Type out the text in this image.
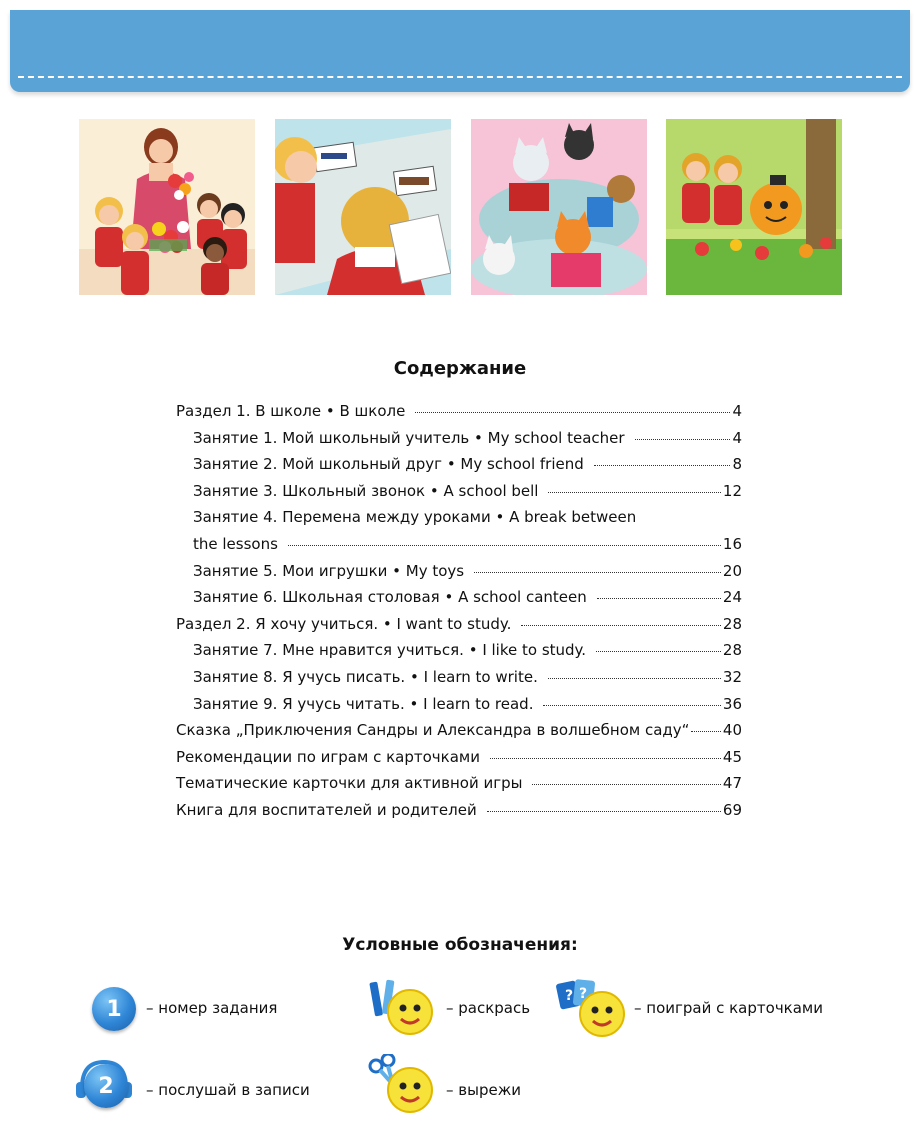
Содержание
Раздел 1. В школе • В школе	4
Занятие 1. Мой школьный учитель • My school teacher	4
Занятие 2. Мой школьный друг • My school friend	8
Занятие 3. Школьный звонок • A school bell	12
Занятие 4. Перемена между уроками • A break between
the lessons	16
Занятие 5. Мои игрушки • My toys	20
Занятие 6. Школьная столовая • A school canteen	24
Раздел 2. Я хочу учиться. • I want to study.	28
Занятие 7. Мне нравится учиться. • I like to study.	28
Занятие 8. Я учусь писать. • I learn to write.	32
Занятие 9. Я учусь читать. • I learn to read.	36
Сказка „Приключения Сандры и Александра в волшебном саду“ 40
Рекомендации по играм с карточками	45
Тематические карточки для активной игры	47
Книга для воспитателей и родителей	69
Условные обозначения:
1 – номер задания
2 – послушай в записи
– раскрась
– вырежи
? ?
– поиграй с карточками
